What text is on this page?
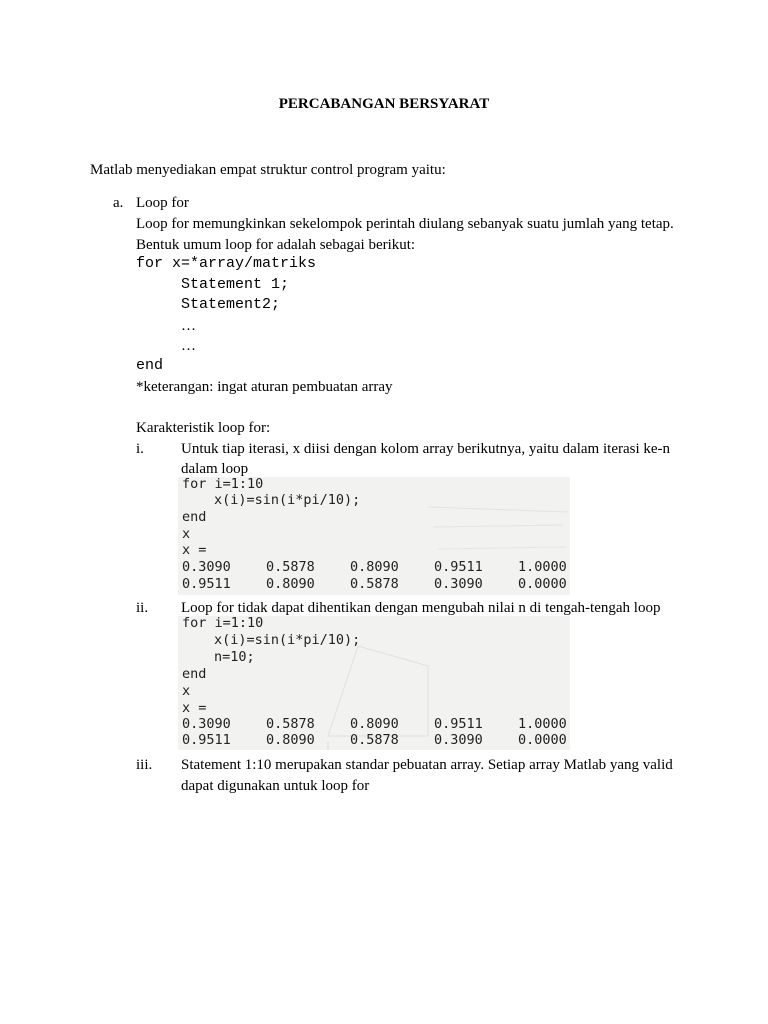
PERCABANGAN BERSYARAT
Matlab menyediakan empat struktur control program yaitu:
a. Loop for
Loop for memungkinkan sekelompok perintah diulang sebanyak suatu jumlah yang tetap.
Bentuk umum loop for adalah sebagai berikut:
for x=*array/matriks
Statement 1;
Statement2;
…
…
end
*keterangan: ingat aturan pembuatan array
Karakteristik loop for:
i. Untuk tiap iterasi, x diisi dengan kolom array berikutnya, yaitu dalam iterasi ke-n
dalam loop
for i=1:10
x(i)=sin(i*pi/10);
end
x
x =
0.3090	0.5878	0.8090	0.9511	1.0000
0.9511	0.8090	0.5878	0.3090	0.0000
ii. Loop for tidak dapat dihentikan dengan mengubah nilai n di tengah-tengah loop
for i=1:10
x(i)=sin(i*pi/10);
n=10;
end
x
x =
0.3090	0.5878	0.8090	0.9511	1.0000
0.9511	0.8090	0.5878	0.3090	0.0000
iii. Statement 1:10 merupakan standar pebuatan array. Setiap array Matlab yang valid
dapat digunakan untuk loop for
